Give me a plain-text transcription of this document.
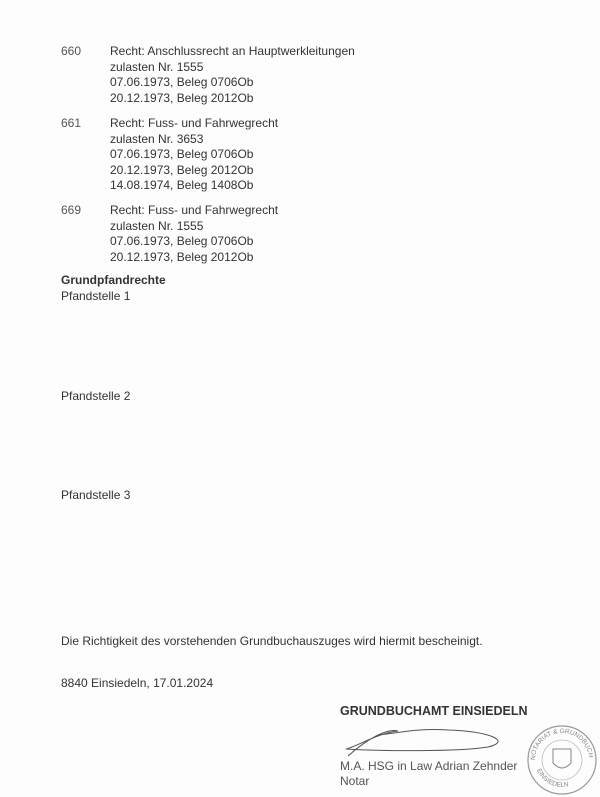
660 Recht: Anschlussrecht an Hauptwerkleitungen
zulasten Nr. 1555
07.06.1973, Beleg 0706Ob
20.12.1973, Beleg 2012Ob
661 Recht: Fuss- und Fahrwegrecht
zulasten Nr. 3653
07.06.1973, Beleg 0706Ob
20.12.1973, Beleg 2012Ob
14.08.1974, Beleg 1408Ob
669 Recht: Fuss- und Fahrwegrecht
zulasten Nr. 1555
07.06.1973, Beleg 0706Ob
20.12.1973, Beleg 2012Ob
Grundpfandrechte
Pfandstelle 1
Pfandstelle 2
Pfandstelle 3
Die Richtigkeit des vorstehenden Grundbuchauszuges wird hiermit bescheinigt.
8840 Einsiedeln, 17.01.2024
GRUNDBUCHAMT EINSIEDELN
NOTARIAT & GRUNDBUCH
EINSIEDELN
M.A. HSG in Law Adrian Zehnder
Notar
